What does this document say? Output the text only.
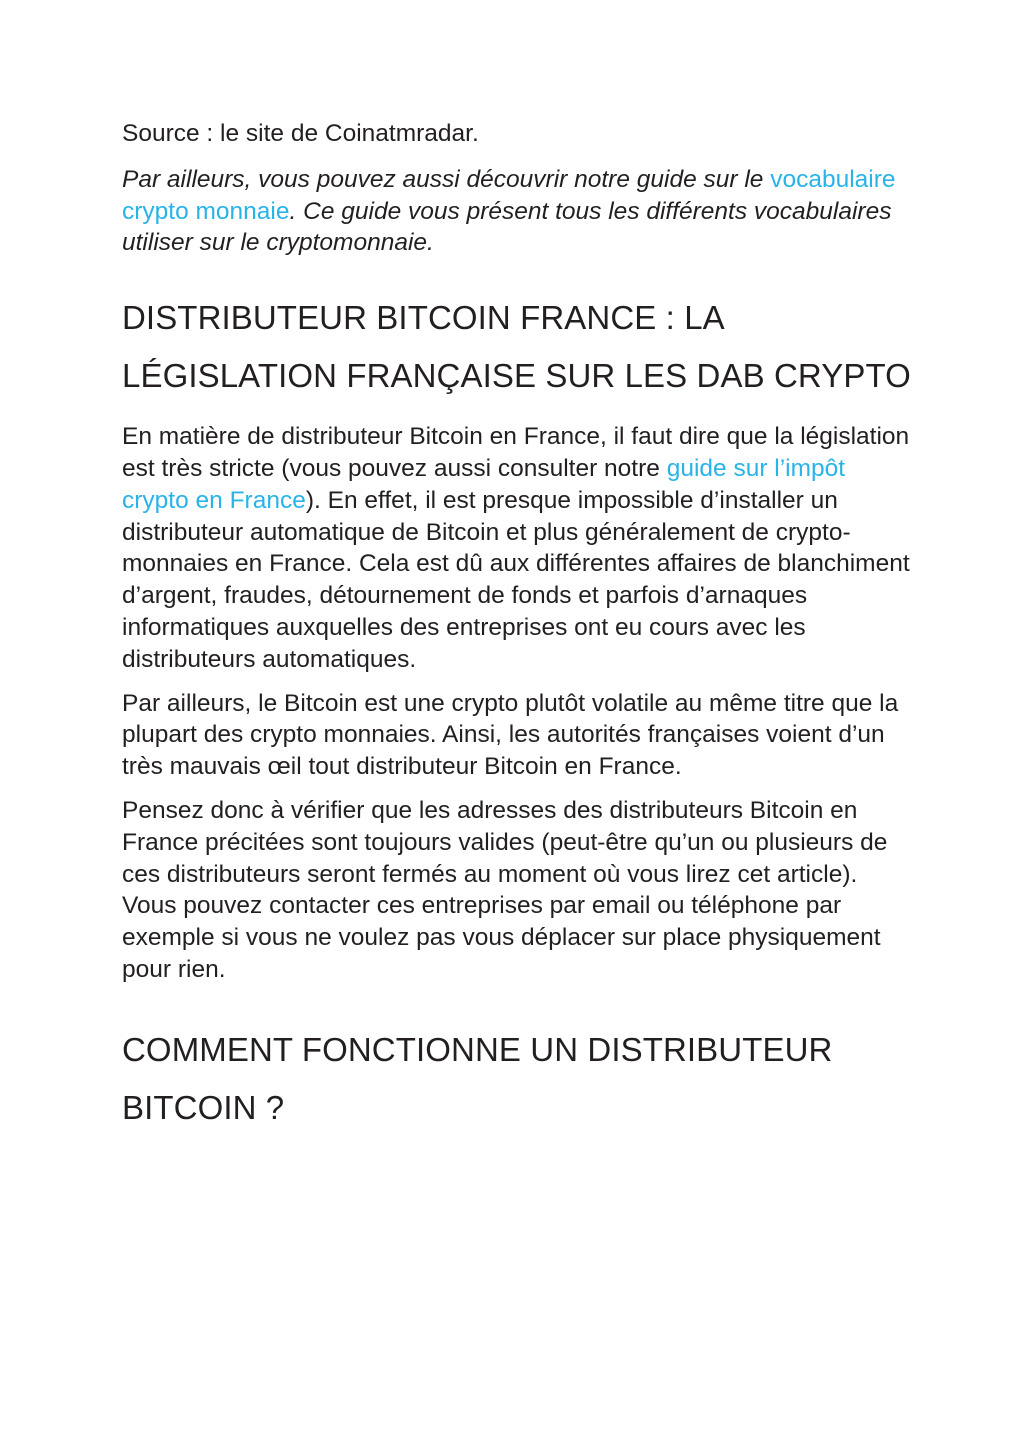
Source : le site de Coinatmradar.

Par ailleurs, vous pouvez aussi découvrir notre guide sur le vocabulaire crypto monnaie. Ce guide vous présent tous les différents vocabulaires utiliser sur le cryptomonnaie.

DISTRIBUTEUR BITCOIN FRANCE : LA LÉGISLATION FRANÇAISE SUR LES DAB CRYPTO

En matière de distributeur Bitcoin en France, il faut dire que la législation est très stricte (vous pouvez aussi consulter notre guide sur l’impôt crypto en France). En effet, il est presque impossible d’installer un distributeur automatique de Bitcoin et plus généralement de crypto-monnaies en France. Cela est dû aux différentes affaires de blanchiment d’argent, fraudes, détournement de fonds et parfois d’arnaques informatiques auxquelles des entreprises ont eu cours avec les distributeurs automatiques.

Par ailleurs, le Bitcoin est une crypto plutôt volatile au même titre que la plupart des crypto monnaies. Ainsi, les autorités françaises voient d’un très mauvais œil tout distributeur Bitcoin en France.

Pensez donc à vérifier que les adresses des distributeurs Bitcoin en France précitées sont toujours valides (peut-être qu’un ou plusieurs de ces distributeurs seront fermés au moment où vous lirez cet article). Vous pouvez contacter ces entreprises par email ou téléphone par exemple si vous ne voulez pas vous déplacer sur place physiquement pour rien.

COMMENT FONCTIONNE UN DISTRIBUTEUR BITCOIN ?
